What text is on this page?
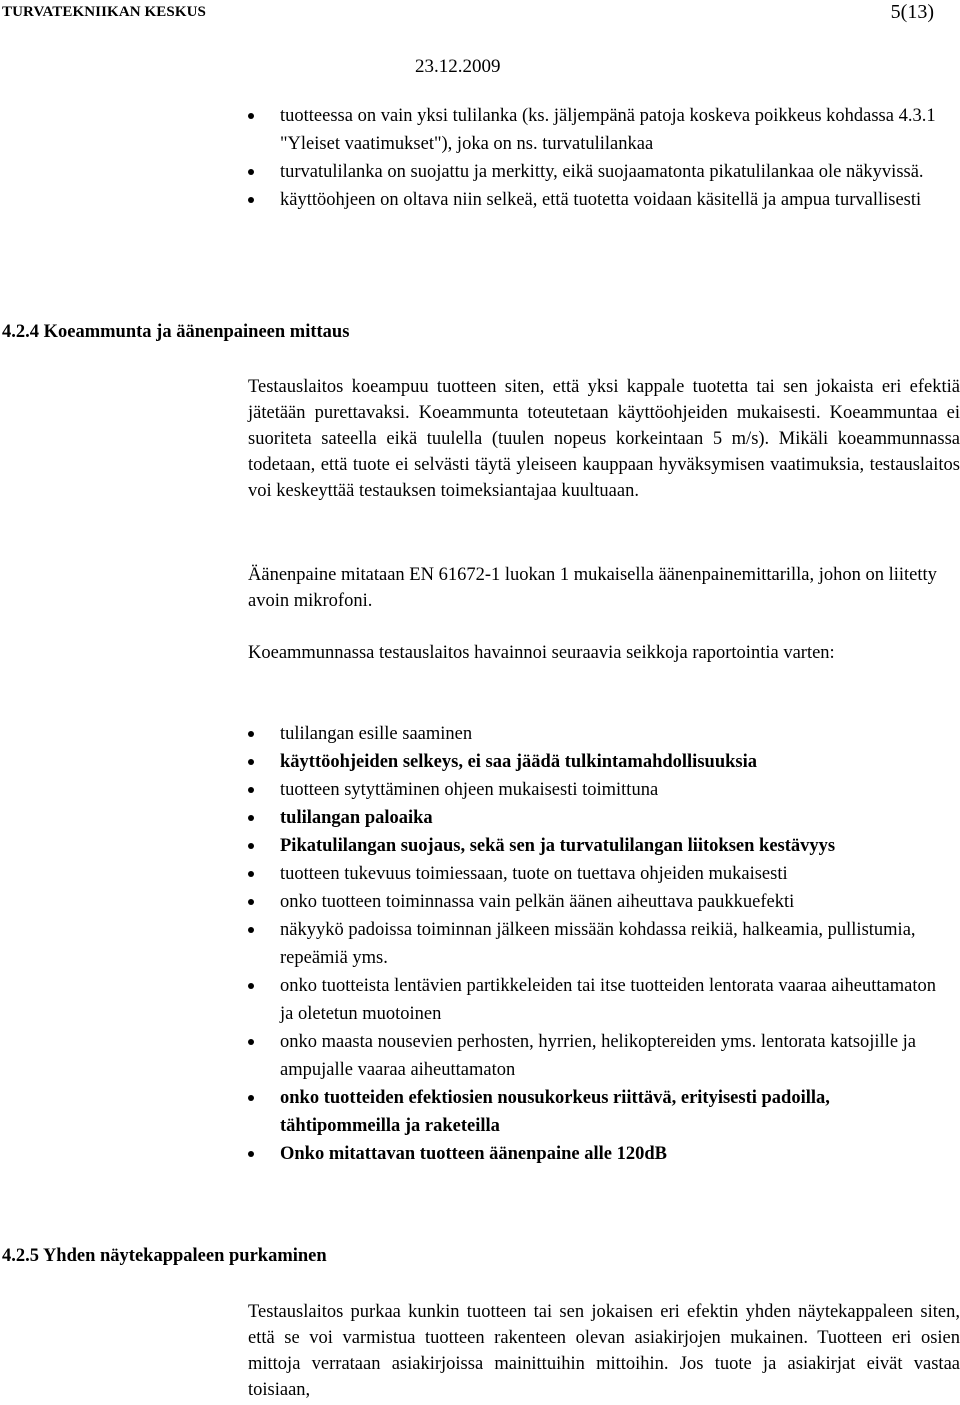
TURVATEKNIIKAN KESKUS	5(13)
23.12.2009
tuotteessa on vain yksi tulilanka (ks. jäljempänä patoja koskeva poikkeus kohdassa 4.3.1 "Yleiset vaatimukset"), joka on ns. turvatulilankaa
turvatulilanka on suojattu ja merkitty, eikä suojaamatonta pikatulilankaa ole näkyvissä.
käyttöohjeen on oltava niin selkeä, että tuotetta voidaan käsitellä ja ampua turvallisesti
4.2.4 Koeammunta ja äänenpaineen mittaus

Testauslaitos koeampuu tuotteen siten, että yksi kappale tuotetta tai sen jokaista eri efektiä jätetään purettavaksi. Koeammunta toteutetaan käyttöohjeiden mukaisesti. Koeammuntaa ei suoriteta sateella eikä tuulella (tuulen nopeus korkeintaan 5 m/s). Mikäli koeammunnassa todetaan, että tuote ei selvästi täytä yleiseen kauppaan hyväksymisen vaatimuksia, testauslaitos voi keskeyttää testauksen toimeksiantajaa kuultuaan.

Äänenpaine mitataan EN 61672-1 luokan 1 mukaisella äänenpainemittarilla, johon on liitetty avoin mikrofoni.

Koeammunnassa testauslaitos havainnoi seuraavia seikkoja raportointia varten:

tulilangan esille saaminen
käyttöohjeiden selkeys, ei saa jäädä tulkintamahdollisuuksia
tuotteen sytyttäminen ohjeen mukaisesti toimittuna
tulilangan paloaika
Pikatulilangan suojaus, sekä sen ja turvatulilangan liitoksen kestävyys
tuotteen tukevuus toimiessaan, tuote on tuettava ohjeiden mukaisesti
onko tuotteen toiminnassa vain pelkän äänen aiheuttava paukkuefekti
näkyykö padoissa toiminnan jälkeen missään kohdassa reikiä, halkeamia, pullistumia, repeämiä yms.
onko tuotteista lentävien partikkeleiden tai itse tuotteiden lentorata vaaraa aiheuttamaton ja oletetun muotoinen
onko maasta nousevien perhosten, hyrrien, helikoptereiden yms. lentorata katsojille ja ampujalle vaaraa aiheuttamaton
onko tuotteiden efektiosien nousukorkeus riittävä, erityisesti padoilla, tähtipommeilla ja raketeilla
Onko mitattavan tuotteen äänenpaine alle 120dB
4.2.5 Yhden näytekappaleen purkaminen

Testauslaitos purkaa kunkin tuotteen tai sen jokaisen eri efektin yhden näytekappaleen siten, että se voi varmistua tuotteen rakenteen olevan asiakirjojen mukainen. Tuotteen eri osien mittoja verrataan asiakirjoissa mainittuihin mittoihin. Jos tuote ja asiakirjat eivät vastaa toisiaan,
